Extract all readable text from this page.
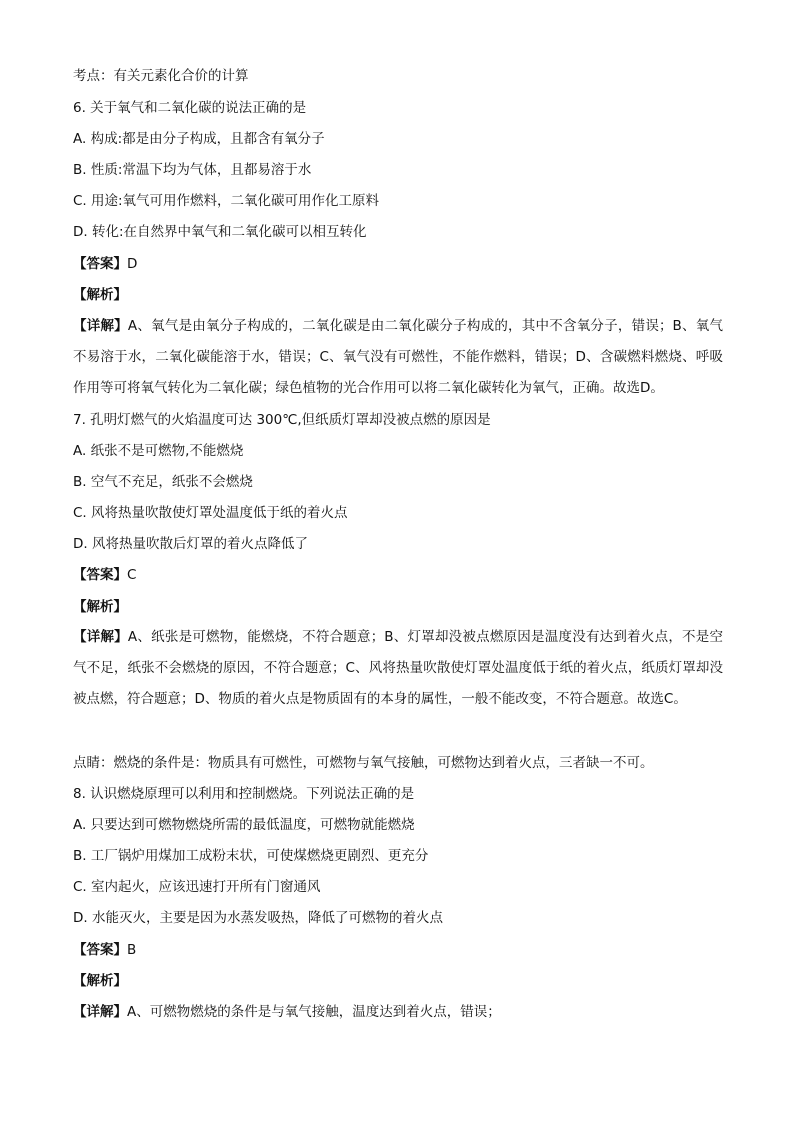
考点：有关元素化合价的计算
6. 关于氧气和二氧化碳的说法正确的是
A. 构成:都是由分子构成，且都含有氧分子
B. 性质:常温下均为气体，且都易溶于水
C. 用途:氧气可用作燃料，二氧化碳可用作化工原料
D. 转化:在自然界中氧气和二氧化碳可以相互转化
【答案】D
【解析】
【详解】A、氧气是由氧分子构成的，二氧化碳是由二氧化碳分子构成的，其中不含氧分子，错误；B、氧气不易溶于水，二氧化碳能溶于水，错误；C、氧气没有可燃性，不能作燃料，错误；D、含碳燃料燃烧、呼吸作用等可将氧气转化为二氧化碳；绿色植物的光合作用可以将二氧化碳转化为氧气，正确。故选D。
7. 孔明灯燃气的火焰温度可达 300℃,但纸质灯罩却没被点燃的原因是
A. 纸张不是可燃物,不能燃烧
B. 空气不充足，纸张不会燃烧
C. 风将热量吹散使灯罩处温度低于纸的着火点
D. 风将热量吹散后灯罩的着火点降低了
【答案】C
【解析】
【详解】A、纸张是可燃物，能燃烧，不符合题意；B、灯罩却没被点燃原因是温度没有达到着火点，不是空气不足，纸张不会燃烧的原因，不符合题意；C、风将热量吹散使灯罩处温度低于纸的着火点，纸质灯罩却没被点燃，符合题意；D、物质的着火点是物质固有的本身的属性，一般不能改变，不符合题意。故选C。
点睛：燃烧的条件是：物质具有可燃性，可燃物与氧气接触，可燃物达到着火点，三者缺一不可。
8. 认识燃烧原理可以利用和控制燃烧。下列说法正确的是
A. 只要达到可燃物燃烧所需的最低温度，可燃物就能燃烧
B. 工厂锅炉用煤加工成粉末状，可使煤燃烧更剧烈、更充分
C. 室内起火，应该迅速打开所有门窗通风
D. 水能灭火，主要是因为水蒸发吸热，降低了可燃物的着火点
【答案】B
【解析】
【详解】A、可燃物燃烧的条件是与氧气接触，温度达到着火点，错误；
